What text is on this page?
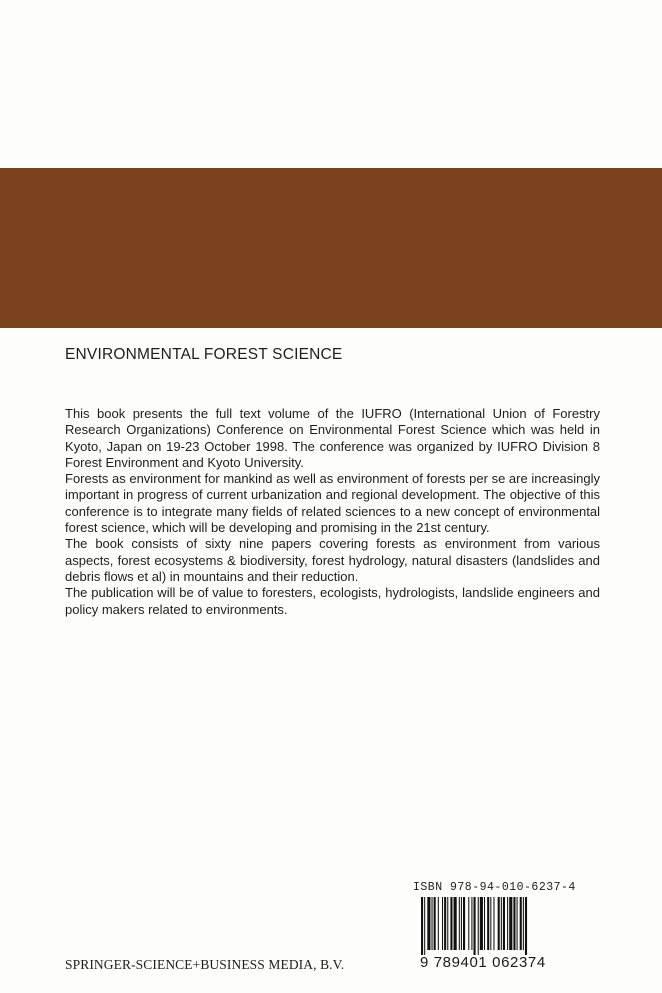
ENVIRONMENTAL FOREST SCIENCE

This book presents the full text volume of the IUFRO (International Union of Forestry Research Organizations) Conference on Environmental Forest Science which was held in Kyoto, Japan on 19-23 October 1998. The conference was organized by IUFRO Division 8 Forest Environment and Kyoto University.

Forests as environment for mankind as well as environment of forests per se are increasingly important in progress of current urbanization and regional development. The objective of this conference is to integrate many fields of related sciences to a new concept of environmental forest science, which will be developing and promising in the 21st century.

The book consists of sixty nine papers covering forests as environment from various aspects, forest ecosystems & biodiversity, forest hydrology, natural disasters (landslides and debris flows et al) in mountains and their reduction.

The publication will be of value to foresters, ecologists, hydrologists, landslide engineers and policy makers related to environments.

ISBN 978-94-010-6237-4
9 789401 062374
SPRINGER-SCIENCE+BUSINESS MEDIA, B.V.
